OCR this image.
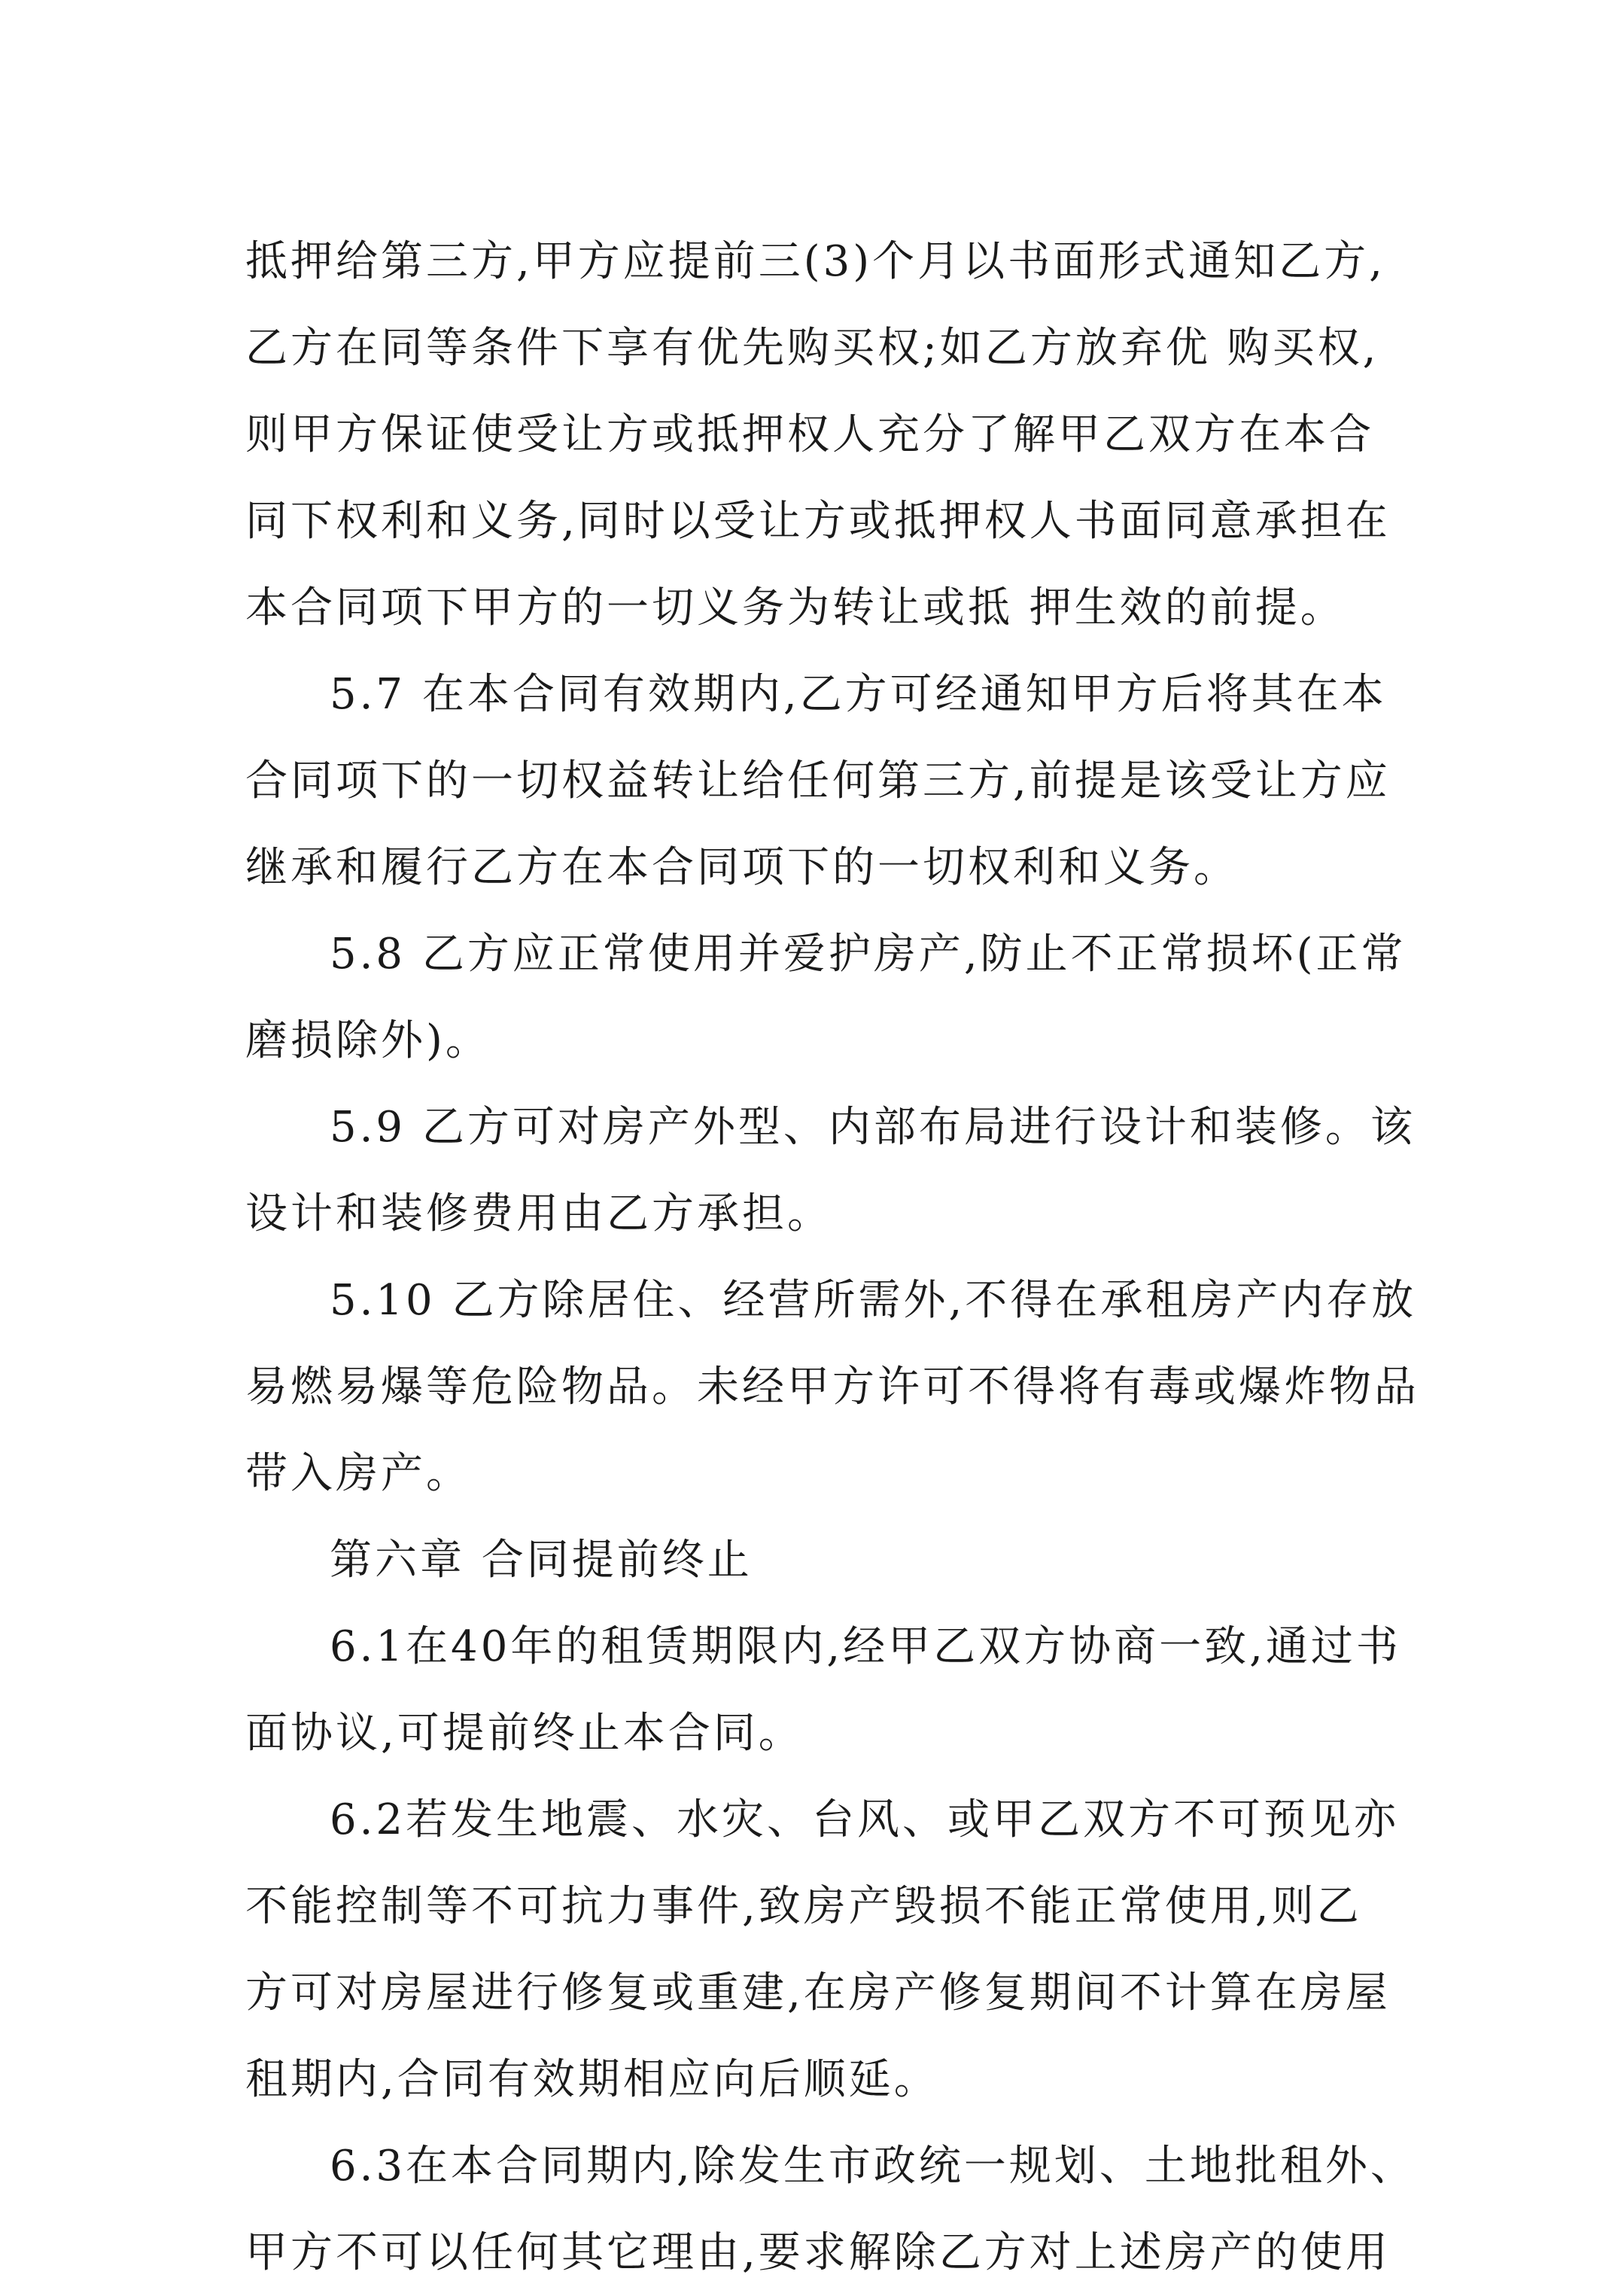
抵押给第三方,甲方应提前三(3)个月以书面形式通知乙方,
乙方在同等条件下享有优先购买权;如乙方放弃优 购买权,
则甲方保证使受让方或抵押权人充分了解甲乙双方在本合
同下权利和义务,同时以受让方或抵押权人书面同意承担在
本合同项下甲方的一切义务为转让或抵 押生效的前提。
5.7 在本合同有效期内,乙方可经通知甲方后将其在本
合同项下的一切权益转让给任何第三方,前提是该受让方应
继承和履行乙方在本合同项下的一切权利和义务。
5.8 乙方应正常使用并爱护房产,防止不正常损坏(正常
磨损除外)。
5.9 乙方可对房产外型、内部布局进行设计和装修。该
设计和装修费用由乙方承担。
5.10 乙方除居住、经营所需外,不得在承租房产内存放
易燃易爆等危险物品。未经甲方许可不得将有毒或爆炸物品
带入房产。
第六章 合同提前终止
6.1在40年的租赁期限内,经甲乙双方协商一致,通过书
面协议,可提前终止本合同。
6.2若发生地震、水灾、台风、或甲乙双方不可预见亦
不能控制等不可抗力事件,致房产毁损不能正常使用,则乙
方可对房屋进行修复或重建,在房产修复期间不计算在房屋
租期内,合同有效期相应向后顺延。
6.3在本合同期内,除发生市政统一规划、土地批租外、
甲方不可以任何其它理由,要求解除乙方对上述房产的使用
